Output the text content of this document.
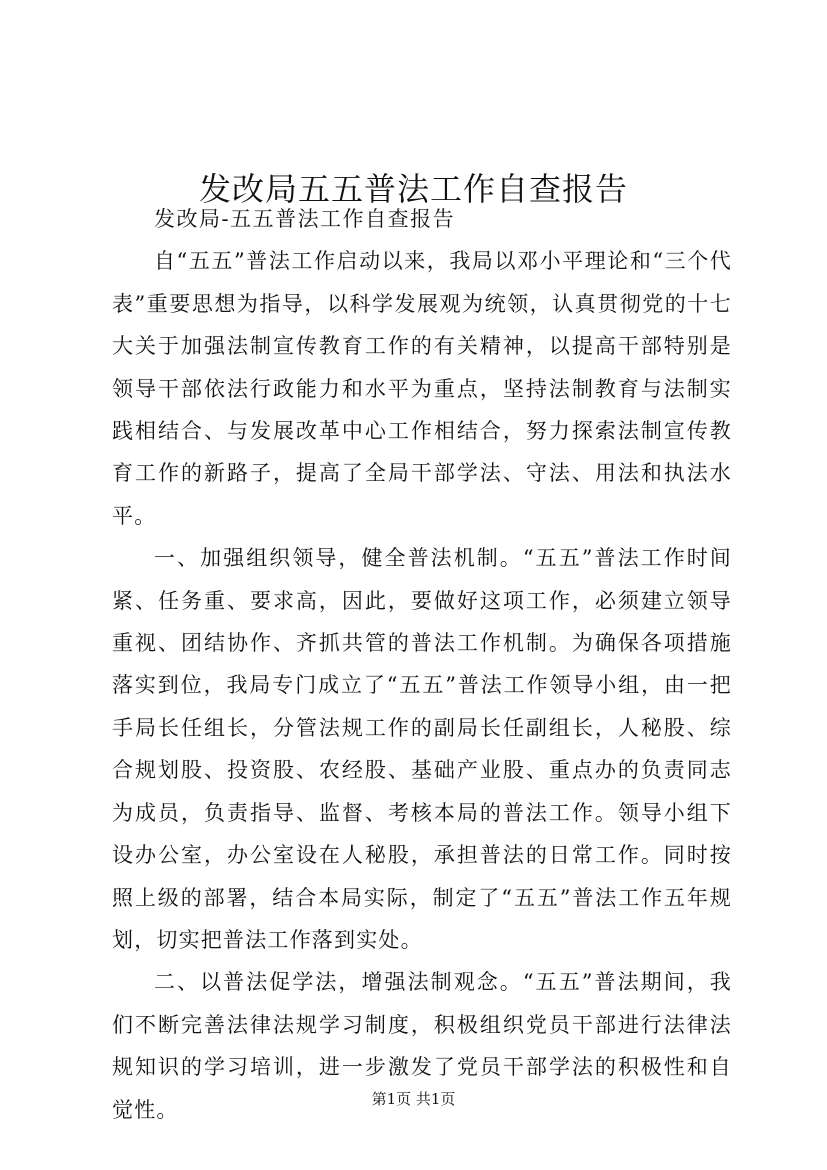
发改局五五普法工作自查报告

发改局-五五普法工作自查报告

自“五五”普法工作启动以来，我局以邓小平理论和“三个代表”重要思想为指导，以科学发展观为统领，认真贯彻党的十七大关于加强法制宣传教育工作的有关精神，以提高干部特别是领导干部依法行政能力和水平为重点，坚持法制教育与法制实践相结合、与发展改革中心工作相结合，努力探索法制宣传教育工作的新路子，提高了全局干部学法、守法、用法和执法水平。

一、加强组织领导，健全普法机制。“五五”普法工作时间紧、任务重、要求高，因此，要做好这项工作，必须建立领导重视、团结协作、齐抓共管的普法工作机制。为确保各项措施落实到位，我局专门成立了“五五”普法工作领导小组，由一把手局长任组长，分管法规工作的副局长任副组长，人秘股、综合规划股、投资股、农经股、基础产业股、重点办的负责同志为成员，负责指导、监督、考核本局的普法工作。领导小组下设办公室，办公室设在人秘股，承担普法的日常工作。同时按照上级的部署，结合本局实际，制定了“五五”普法工作五年规划，切实把普法工作落到实处。

二、以普法促学法，增强法制观念。“五五”普法期间，我们不断完善法律法规学习制度，积极组织党员干部进行法律法规知识的学习培训，进一步激发了党员干部学法的积极性和自觉性。	第1页 共1页
